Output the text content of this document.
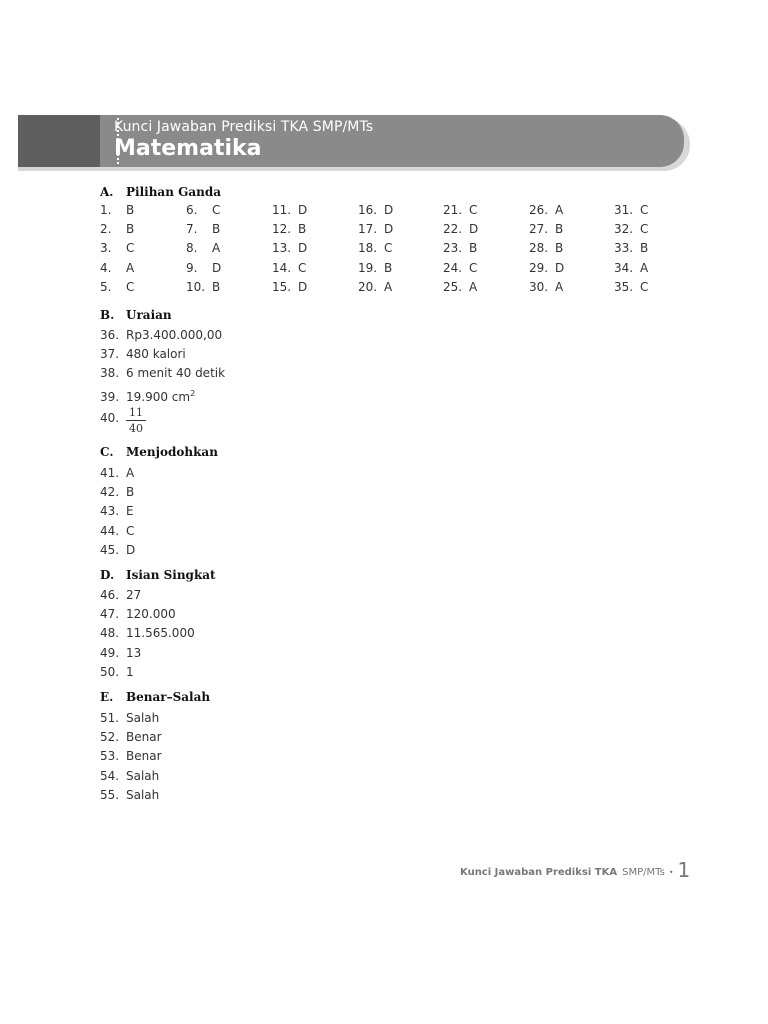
Kunci Jawaban Prediksi TKA SMP/MTs
Matematika
A. Pilihan Ganda
1. B
2. B
3. C
4. A
5. C
6. C
7. B
8. A
9. D
10. B
11. D
12. B
13. D
14. C
15. D
16. D
17. D
18. C
19. B
20. A
21. C
22. D
23. B
24. C
25. A
26. A
27. B
28. B
29. D
30. A
31. C
32. C
33. B
34. A
35. C
B. Uraian
36. Rp3.400.000,00
37. 480 kalori
38. 6 menit 40 detik
39. 19.900 $cm^2$
40. $\frac{11}{40}$
C. Menjodohkan
41. A
42. B
43. E
44. C
45. D
D. Isian Singkat
46. 27
47. 120.000
48. 11.565.000
49. 13
50. 1
E. Benar–Salah
51. Salah
52. Benar
53. Benar
54. Salah
55. Salah
Kunci Jawaban Prediksi TKA SMP/MTs • 1
